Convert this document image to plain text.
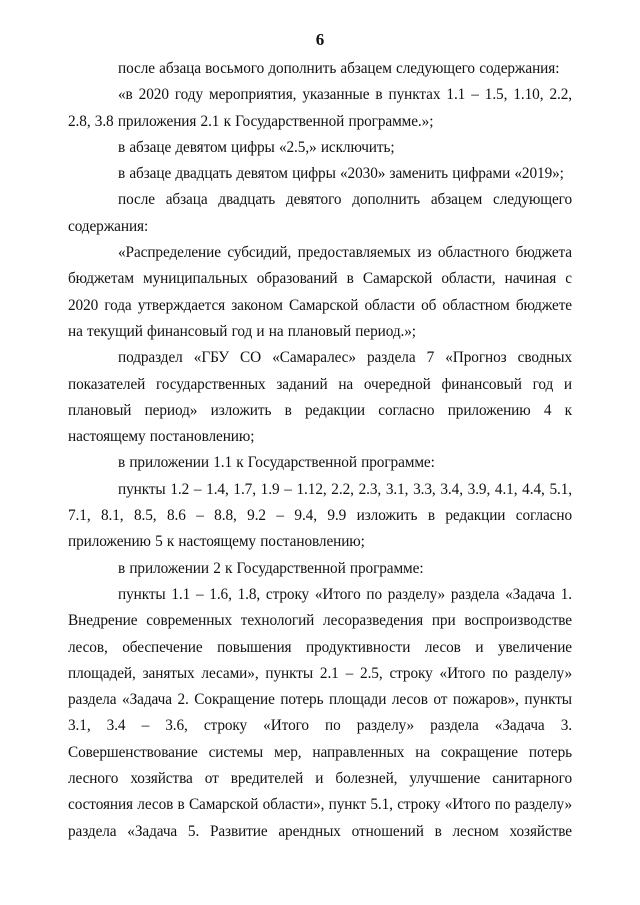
6

после абзаца восьмого дополнить абзацем следующего содержания:

«в 2020 году мероприятия, указанные в пунктах 1.1 – 1.5, 1.10, 2.2, 2.8, 3.8 приложения 2.1 к Государственной программе.»;

в абзаце девятом цифры «2.5,» исключить;

в абзаце двадцать девятом цифры «2030» заменить цифрами «2019»;

после абзаца двадцать девятого дополнить абзацем следующего содержания:

«Распределение субсидий, предоставляемых из областного бюджета бюджетам муниципальных образований в Самарской области, начиная с 2020 года утверждается законом Самарской области об областном бюджете на текущий финансовый год и на плановый период.»;

подраздел «ГБУ СО «Самаралес» раздела 7 «Прогноз сводных показателей государственных заданий на очередной финансовый год и плановый период» изложить в редакции согласно приложению 4 к настоящему постановлению;

в приложении 1.1 к Государственной программе:

пункты 1.2 – 1.4, 1.7, 1.9 – 1.12, 2.2, 2.3, 3.1, 3.3, 3.4, 3.9, 4.1, 4.4, 5.1, 7.1, 8.1, 8.5, 8.6 – 8.8, 9.2 – 9.4, 9.9 изложить в редакции согласно приложению 5 к настоящему постановлению;

в приложении 2 к Государственной программе:

пункты 1.1 – 1.6, 1.8, строку «Итого по разделу» раздела «Задача 1. Внедрение современных технологий лесоразведения при воспроизводстве лесов, обеспечение повышения продуктивности лесов и увеличение площадей, занятых лесами», пункты 2.1 – 2.5, строку «Итого по разделу» раздела «Задача 2. Сокращение потерь площади лесов от пожаров», пункты 3.1, 3.4 – 3.6, строку «Итого по разделу» раздела «Задача 3. Совершенствование системы мер, направленных на сокращение потерь лесного хозяйства от вредителей и болезней, улучшение санитарного состояния лесов в Самарской области», пункт 5.1, строку «Итого по разделу» раздела «Задача 5. Развитие арендных отношений в лесном хозяйстве
